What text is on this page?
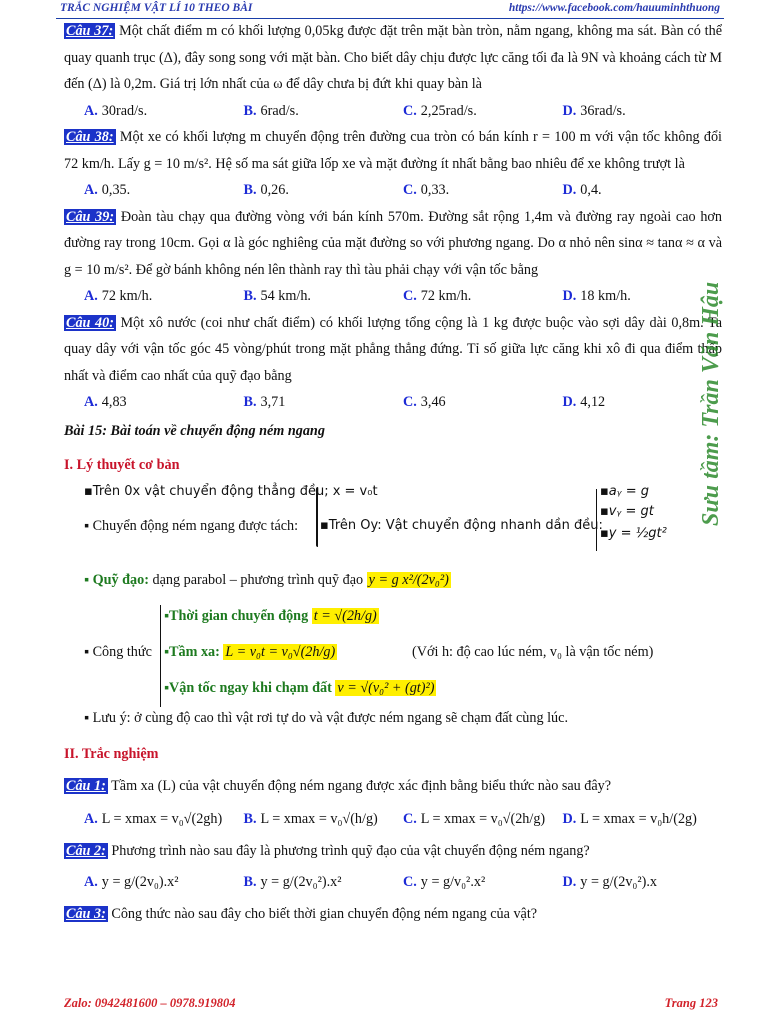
TRẮC NGHIỆM VẬT LÍ 10 THEO BÀI	https://www.facebook.com/hauuminhthuong

Câu 37: Một chất điểm m có khối lượng 0,05kg được đặt trên mặt bàn tròn, nằm ngang, không ma sát. Bàn có thể quay quanh trục (Δ), đây song song với mặt bàn. Cho biết dây chịu được lực căng tối đa là 9N và khoảng cách từ M đến (Δ) là 0,2m. Giá trị lớn nhất của ω để dây chưa bị đứt khi quay bàn là

A. 30rad/s.	B. 6rad/s.	C. 2,25rad/s.	D. 36rad/s.

Câu 38: Một xe có khối lượng m chuyển động trên đường cua tròn có bán kính r = 100 m với vận tốc không đổi 72 km/h. Lấy g = 10 m/s². Hệ số ma sát giữa lốp xe và mặt đường ít nhất bằng bao nhiêu để xe không trượt là

A. 0,35.	B. 0,26.	C. 0,33.	D. 0,4.

Câu 39: Đoàn tàu chạy qua đường vòng với bán kính 570m. Đường sắt rộng 1,4m và đường ray ngoài cao hơn đường ray trong 10cm. Gọi α là góc nghiêng của mặt đường so với phương ngang. Do α nhỏ nên sinα ≈ tanα ≈ α và g = 10 m/s². Để gờ bánh không nén lên thành ray thì tàu phải chạy với vận tốc bằng

A. 72 km/h.	B. 54 km/h.	C. 72 km/h.	D. 18 km/h.

Câu 40: Một xô nước (coi như chất điểm) có khối lượng tổng cộng là 1 kg được buộc vào sợi dây dài 0,8m. Ta quay dây với vận tốc góc 45 vòng/phút trong mặt phẳng thẳng đứng. Tỉ số giữa lực căng khi xô đi qua điểm thấp nhất và điểm cao nhất của quỹ đạo bằng

A. 4,83	B. 3,71	C. 3,46	D. 4,12

Bài 15: Bài toán về chuyển động ném ngang

I. Lý thuyết cơ bản

▪Trên 0x vật chuyển động thẳng đều; x = v₀t
▪ Chuyển động ném ngang được tách: ▪Trên Oy: Vật chuyển động nhanh dần đều:
▪aᵧ = g
▪vᵧ = gt
▪y = ½gt²
▪ Quỹ đạo: dạng parabol – phương trình quỹ đạo y = g x²/(2v₀²)
▪ Công thức
▪Thời gian chuyển động t = √(2h/g)
▪Tầm xa: L = v₀t = v₀√(2h/g)	(Với h: độ cao lúc ném, v₀ là vận tốc ném)
▪Vận tốc ngay khi chạm đất v = √(v₀² + (gt)²)
▪ Lưu ý: ở cùng độ cao thì vật rơi tự do và vật được ném ngang sẽ chạm đất cùng lúc.

II. Trắc nghiệm

Câu 1: Tầm xa (L) của vật chuyển động ném ngang được xác định bằng biểu thức nào sau đây?

A. L = xmax = v₀√(2gh)	B. L = xmax = v₀√(h/g)	C. L = xmax = v₀√(2h/g)	D. L = xmax = v₀h/(2g)

Câu 2: Phương trình nào sau đây là phương trình quỹ đạo của vật chuyển động ném ngang?

A. y = g/(2v₀).x²	B. y = g/(2v₀²).x²	C. y = g/v₀².x²	D. y = g/(2v₀²).x

Câu 3: Công thức nào sau đây cho biết thời gian chuyển động ném ngang của vật?

Sưu tầm: Trần Văn Hậu
Zalo: 0942481600 – 0978.919804	Trang 123
